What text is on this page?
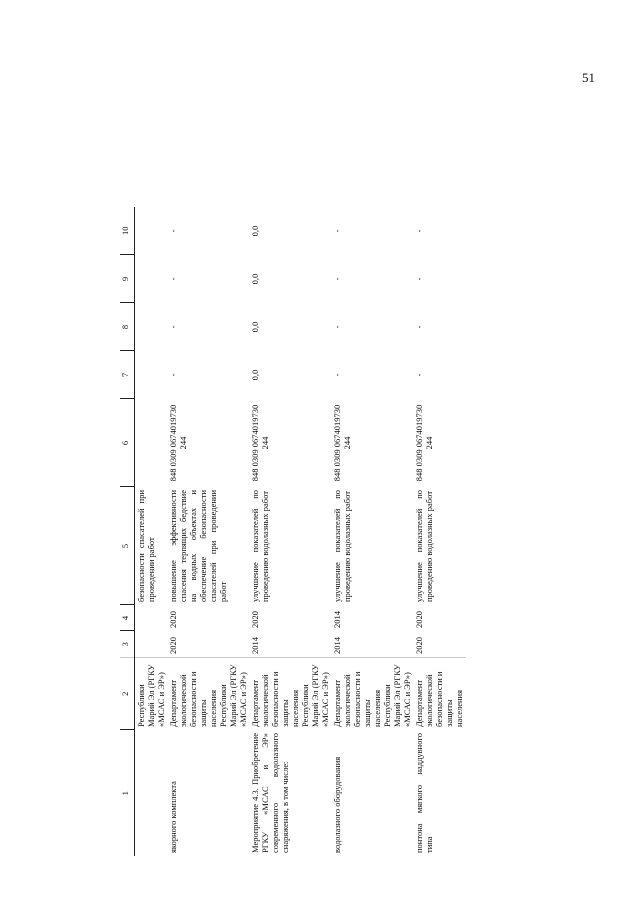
51
1	2	3	4	5	6	7	8	9	10
	Республики Марий Эл (РГКУ «МСАС и ЭР»)			безопасности спасателей при проведении работ					
якорного комплекта	Департамент экологической безопасности и защиты населения Республики Марий Эл (РГКУ «МСАС и ЭР»)	2020	2020	повышение эффективности спасения терпящих бедствие на водных объектах и обеспечение безопасности спасателей при проведении работ	848 0309 0674019730 244	-	-	-	-
Мероприятие 4.3. Приобретение РГКУ «МСАС и ЭР» современного водолазного снаряжения, в том числе:	Департамент экологической безопасности и защиты населения Республики Марий Эл (РГКУ «МСАС и ЭР»)	2014	2020	улучшение показателей по проведению водолазных работ	848 0309 0674019730 244	0,0	0,0	0,0	0,0
водолазного оборудования	Департамент экологической безопасности и защиты населения Республики Марий Эл (РГКУ «МСАС и ЭР»)	2014	2014	улучшение показателей по проведению водолазных работ	848 0309 0674019730 244	-	-	-	-
понтона мягкого наддувного типа	Департамент экологической безопасности и защиты населения	2020	2020	улучшение показателей по проведению водолазных работ	848 0309 0674019730 244	-	-	-	-
